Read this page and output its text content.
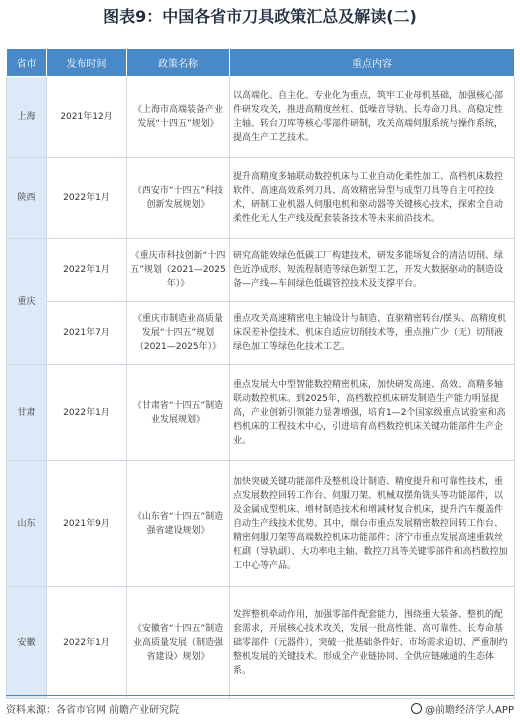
图表9：中国各省市刀具政策汇总及解读(二)
省市	发布时间	政策名称	重点内容
上海	2021年12月	《上海市高端装备产业发展“十四五”规划》	以高端化、自主化、专业化为重点，筑牢工业母机基础，加强核心部件研发攻关，推进高精度丝杠、低噪音导轨、长寿命刀具、高稳定性主轴、转台刀库等核心零部件研制，攻关高端伺服系统与操作系统，提高生产工艺技术。
陕西	2022年1月	《西安市“十四五”科技创新发展规划》	提升高精度多轴联动数控机床与工业自动化柔性加工、高档机床数控软件、高速高效系列刀具、高效精密异型与成型刀具等自主可控技术，研制工业机器人伺服电机和驱动器等关键核心技术，探索全自动柔性化无人生产线及配套装备技术等未来前沿技术。
重庆	2022年1月	《重庆市科技创新“十四五”规划（2021—2025年）》	研究高能效绿色低碳工厂构建技术，研发多能场复合的清洁切削、绿色近净成形、短流程制造等绿色新型工艺，开发大数据驱动的制造设备—产线—车间绿色低碳管控技术及支撑平台。
	2021年7月	《重庆市制造业高质量发展“十四五”规划（2021—2025年）》	重点攻关高速精密电主轴设计与制造、直驱精密转台/摆头、高精度机床误差补偿技术、机床自适应切削技术等，重点推广少（无）切削液绿色加工等绿色化技术工艺。
甘肃	2022年1月	《甘肃省“十四五”制造业发展规划》	重点发展大中型智能数控精密机床，加快研发高速、高效、高精多轴联动数控机床。到2025年，高档数控机床研发制造生产能力明显提高，产业创新引领能力显著增强，培育1—2个国家级重点试验室和高档机床的工程技术中心，引进培育高档数控机床关键功能部件生产企业。
山东	2021年9月	《山东省“十四五”制造强省建设规划》	加快突破关键功能部件及整机设计制造、精度提升和可靠性技术，重点发展数控回转工作台、伺服刀架、机械双摆角铣头等功能部件，以及金属成型机床、增材制造技术和增减材复合机床，提升汽车覆盖件自动生产线技术优势。其中，烟台市重点发展精密数控回转工作台、精密伺服刀架等高端数控机床功能部件；济宁市重点发展高速重载丝杠副（导轨副）、大功率电主轴、数控刀具等关键零部件和高档数控加工中心等产品。
安徽	2022年1月	《安徽省“十四五”制造业高质量发展（制造强省建设）规划》	发挥整机牵动作用，加强零部件配套能力，围绕重大装备、整机的配套需求，开展核心技术攻关，发展一批高性能、高可靠性、长寿命基础零部件（元器件），突破一批基础条件好、市场需求迫切、严重制约整机发展的关键技术。形成全产业链协同、全供应链融通的生态体系。
资料来源：各省市官网 前瞻产业研究院	@前瞻经济学人APP
